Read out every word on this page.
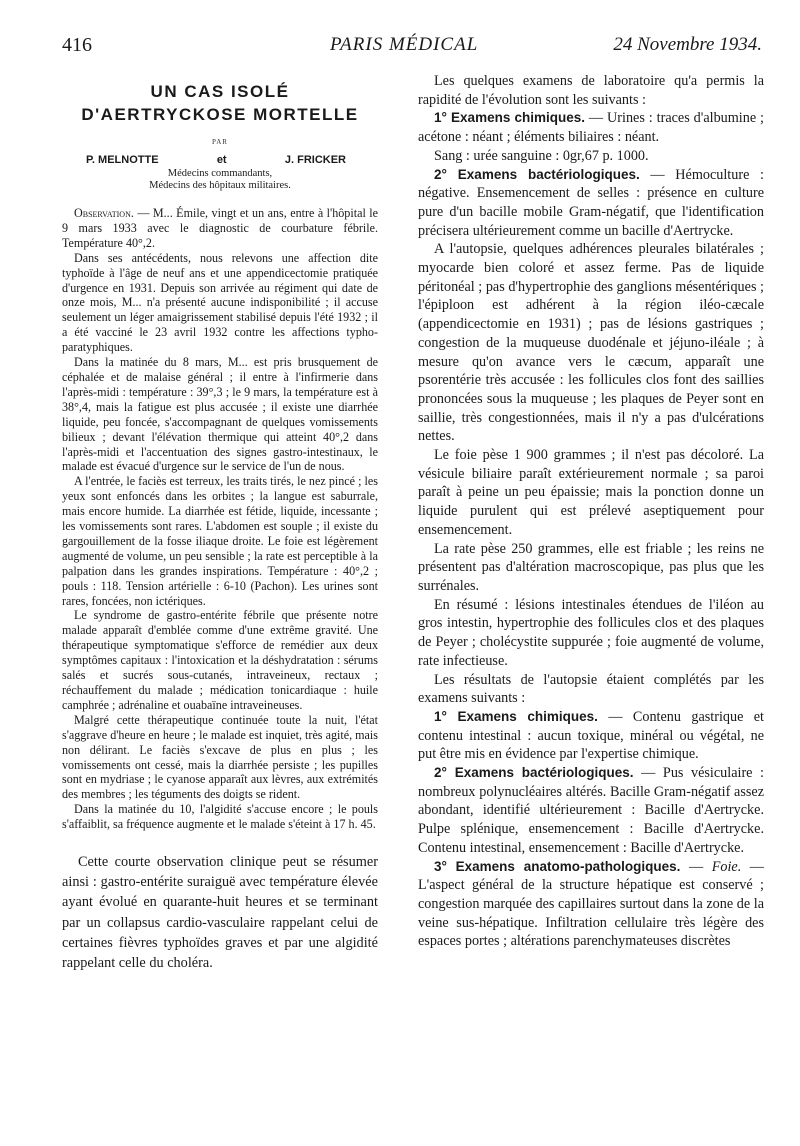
416	PARIS MÉDICAL	24 Novembre 1934.
UN CAS ISOLÉ
D'AERTRYCKOSE MORTELLE
PAR
P. MELNOTTE	et	J. FRICKER
Médecins commandants,
Médecins des hôpitaux militaires.

Observation. — M... Émile, vingt et un ans, entre à l'hôpital le 9 mars 1933 avec le diagnostic de courbature fébrile. Température 40°,2.

Dans ses antécédents, nous relevons une affection dite typhoïde à l'âge de neuf ans et une appendicectomie pratiquée d'urgence en 1931. Depuis son arrivée au régiment qui date de onze mois, M... n'a présenté aucune indisponibilité ; il accuse seulement un léger amaigrissement stabilisé depuis l'été 1932 ; il a été vacciné le 23 avril 1932 contre les affections typho-paratyphiques.

Dans la matinée du 8 mars, M... est pris brusquement de céphalée et de malaise général ; il entre à l'infirmerie dans l'après-midi : température : 39°,3 ; le 9 mars, la température est à 38°,4, mais la fatigue est plus accusée ; il existe une diarrhée liquide, peu foncée, s'accompagnant de quelques vomissements bilieux ; devant l'élévation thermique qui atteint 40°,2 dans l'après-midi et l'accentuation des signes gastro-intestinaux, le malade est évacué d'urgence sur le service de l'un de nous.

A l'entrée, le faciès est terreux, les traits tirés, le nez pincé ; les yeux sont enfoncés dans les orbites ; la langue est saburrale, mais encore humide. La diarrhée est fétide, liquide, incessante ; les vomissements sont rares. L'abdomen est souple ; il existe du gargouillement de la fosse iliaque droite. Le foie est légèrement augmenté de volume, un peu sensible ; la rate est perceptible à la palpation dans les grandes inspirations. Température : 40°,2 ; pouls : 118. Tension artérielle : 6-10 (Pachon). Les urines sont rares, foncées, non ictériques.

Le syndrome de gastro-entérite fébrile que présente notre malade apparaît d'emblée comme d'une extrême gravité. Une thérapeutique symptomatique s'efforce de remédier aux deux symptômes capitaux : l'intoxication et la déshydratation : sérums salés et sucrés sous-cutanés, intraveineux, rectaux ; réchauffement du malade ; médication tonicardiaque : huile camphrée ; adrénaline et ouabaïne intraveineuses.

Malgré cette thérapeutique continuée toute la nuit, l'état s'aggrave d'heure en heure ; le malade est inquiet, très agité, mais non délirant. Le faciès s'excave de plus en plus ; les vomissements ont cessé, mais la diarrhée persiste ; les pupilles sont en mydriase ; le cyanose apparaît aux lèvres, aux extrémités des membres ; les téguments des doigts se rident.

Dans la matinée du 10, l'algidité s'accuse encore ; le pouls s'affaiblit, sa fréquence augmente et le malade s'éteint à 17 h. 45.

Cette courte observation clinique peut se résumer ainsi : gastro-entérite suraiguë avec température élevée ayant évolué en quarante-huit heures et se terminant par un collapsus cardio-vasculaire rappelant celui de certaines fièvres typhoïdes graves et par une algidité rappelant celle du choléra.

Les quelques examens de laboratoire qu'a permis la rapidité de l'évolution sont les suivants :

1° Examens chimiques. — Urines : traces d'albumine ; acétone : néant ; éléments biliaires : néant.

Sang : urée sanguine : 0gr,67 p. 1000.

2° Examens bactériologiques. — Hémoculture : négative. Ensemencement de selles : présence en culture pure d'un bacille mobile Gram-négatif, que l'identification précisera ultérieurement comme un bacille d'Aertrycke.

A l'autopsie, quelques adhérences pleurales bilatérales ; myocarde bien coloré et assez ferme. Pas de liquide péritonéal ; pas d'hypertrophie des ganglions mésentériques ; l'épiploon est adhérent à la région iléo-cæcale (appendicectomie en 1931) ; pas de lésions gastriques ; congestion de la muqueuse duodénale et jéjuno-iléale ; à mesure qu'on avance vers le cæcum, apparaît une psorentérie très accusée : les follicules clos font des saillies prononcées sous la muqueuse ; les plaques de Peyer sont en saillie, très congestionnées, mais il n'y a pas d'ulcérations nettes.

Le foie pèse 1 900 grammes ; il n'est pas décoloré. La vésicule biliaire paraît extérieurement normale ; sa paroi paraît à peine un peu épaissie; mais la ponction donne un liquide purulent qui est prélevé aseptiquement pour ensemencement.

La rate pèse 250 grammes, elle est friable ; les reins ne présentent pas d'altération macroscopique, pas plus que les surrénales.

En résumé : lésions intestinales étendues de l'iléon au gros intestin, hypertrophie des follicules clos et des plaques de Peyer ; cholécystite suppurée ; foie augmenté de volume, rate infectieuse.

Les résultats de l'autopsie étaient complétés par les examens suivants :

1° Examens chimiques. — Contenu gastrique et contenu intestinal : aucun toxique, minéral ou végétal, ne put être mis en évidence par l'expertise chimique.

2° Examens bactériologiques. — Pus vésiculaire : nombreux polynucléaires altérés. Bacille Gram-négatif assez abondant, identifié ultérieurement : Bacille d'Aertrycke. Pulpe splénique, ensemencement : Bacille d'Aertrycke. Contenu intestinal, ensemencement : Bacille d'Aertrycke.

3° Examens anatomo-pathologiques. — Foie. — L'aspect général de la structure hépatique est conservé ; congestion marquée des capillaires surtout dans la zone de la veine sus-hépatique. Infiltration cellulaire très légère des espaces portes ; altérations parenchymateuses discrètes
